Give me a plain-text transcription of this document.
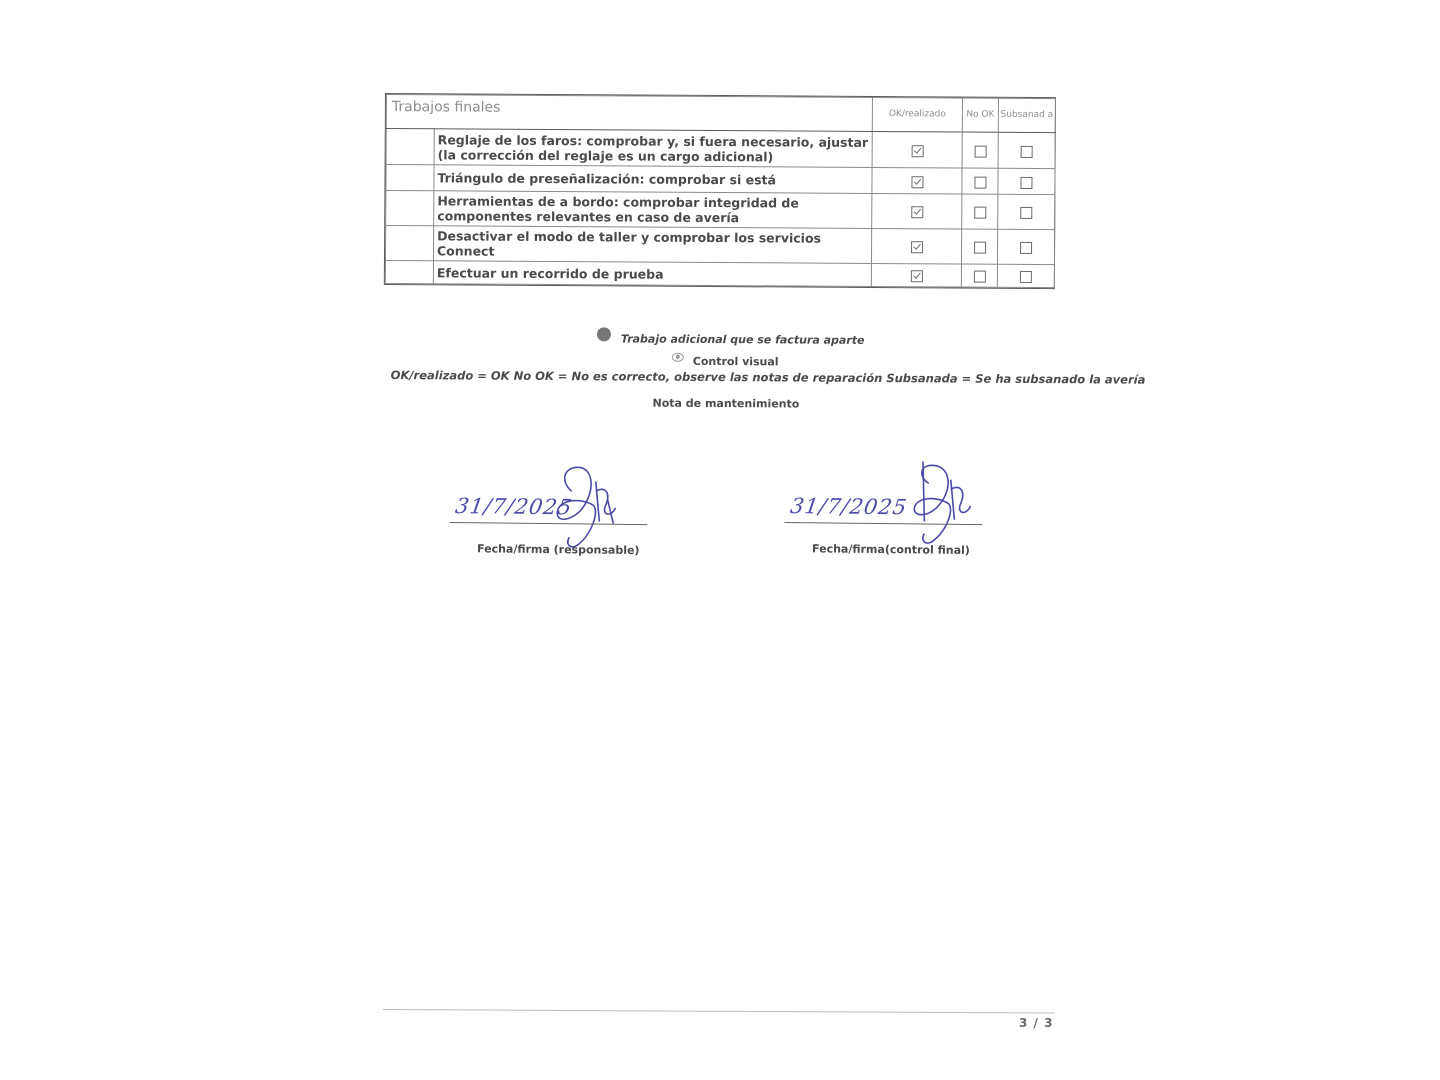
Trabajos finales		OK/realizado	No OK	Subsanad a
	Reglaje de los faros: comprobar y, si fuera necesario, ajustar (la corrección del reglaje es un cargo adicional)			
	Triángulo de preseñalización: comprobar si está			
	Herramientas de a bordo: comprobar integridad de componentes relevantes en caso de avería			
	Desactivar el modo de taller y comprobar los servicios Connect			
	Efectuar un recorrido de prueba			
Trabajo adicional que se factura aparte
Control visual
OK/realizado = OK No OK = No es correcto, observe las notas de reparación Subsanada = Se ha subsanado la avería
Nota de mantenimiento
31/7/2025
Fecha/firma (responsable)
31/7/2025
Fecha/firma(control final)
3 / 3
